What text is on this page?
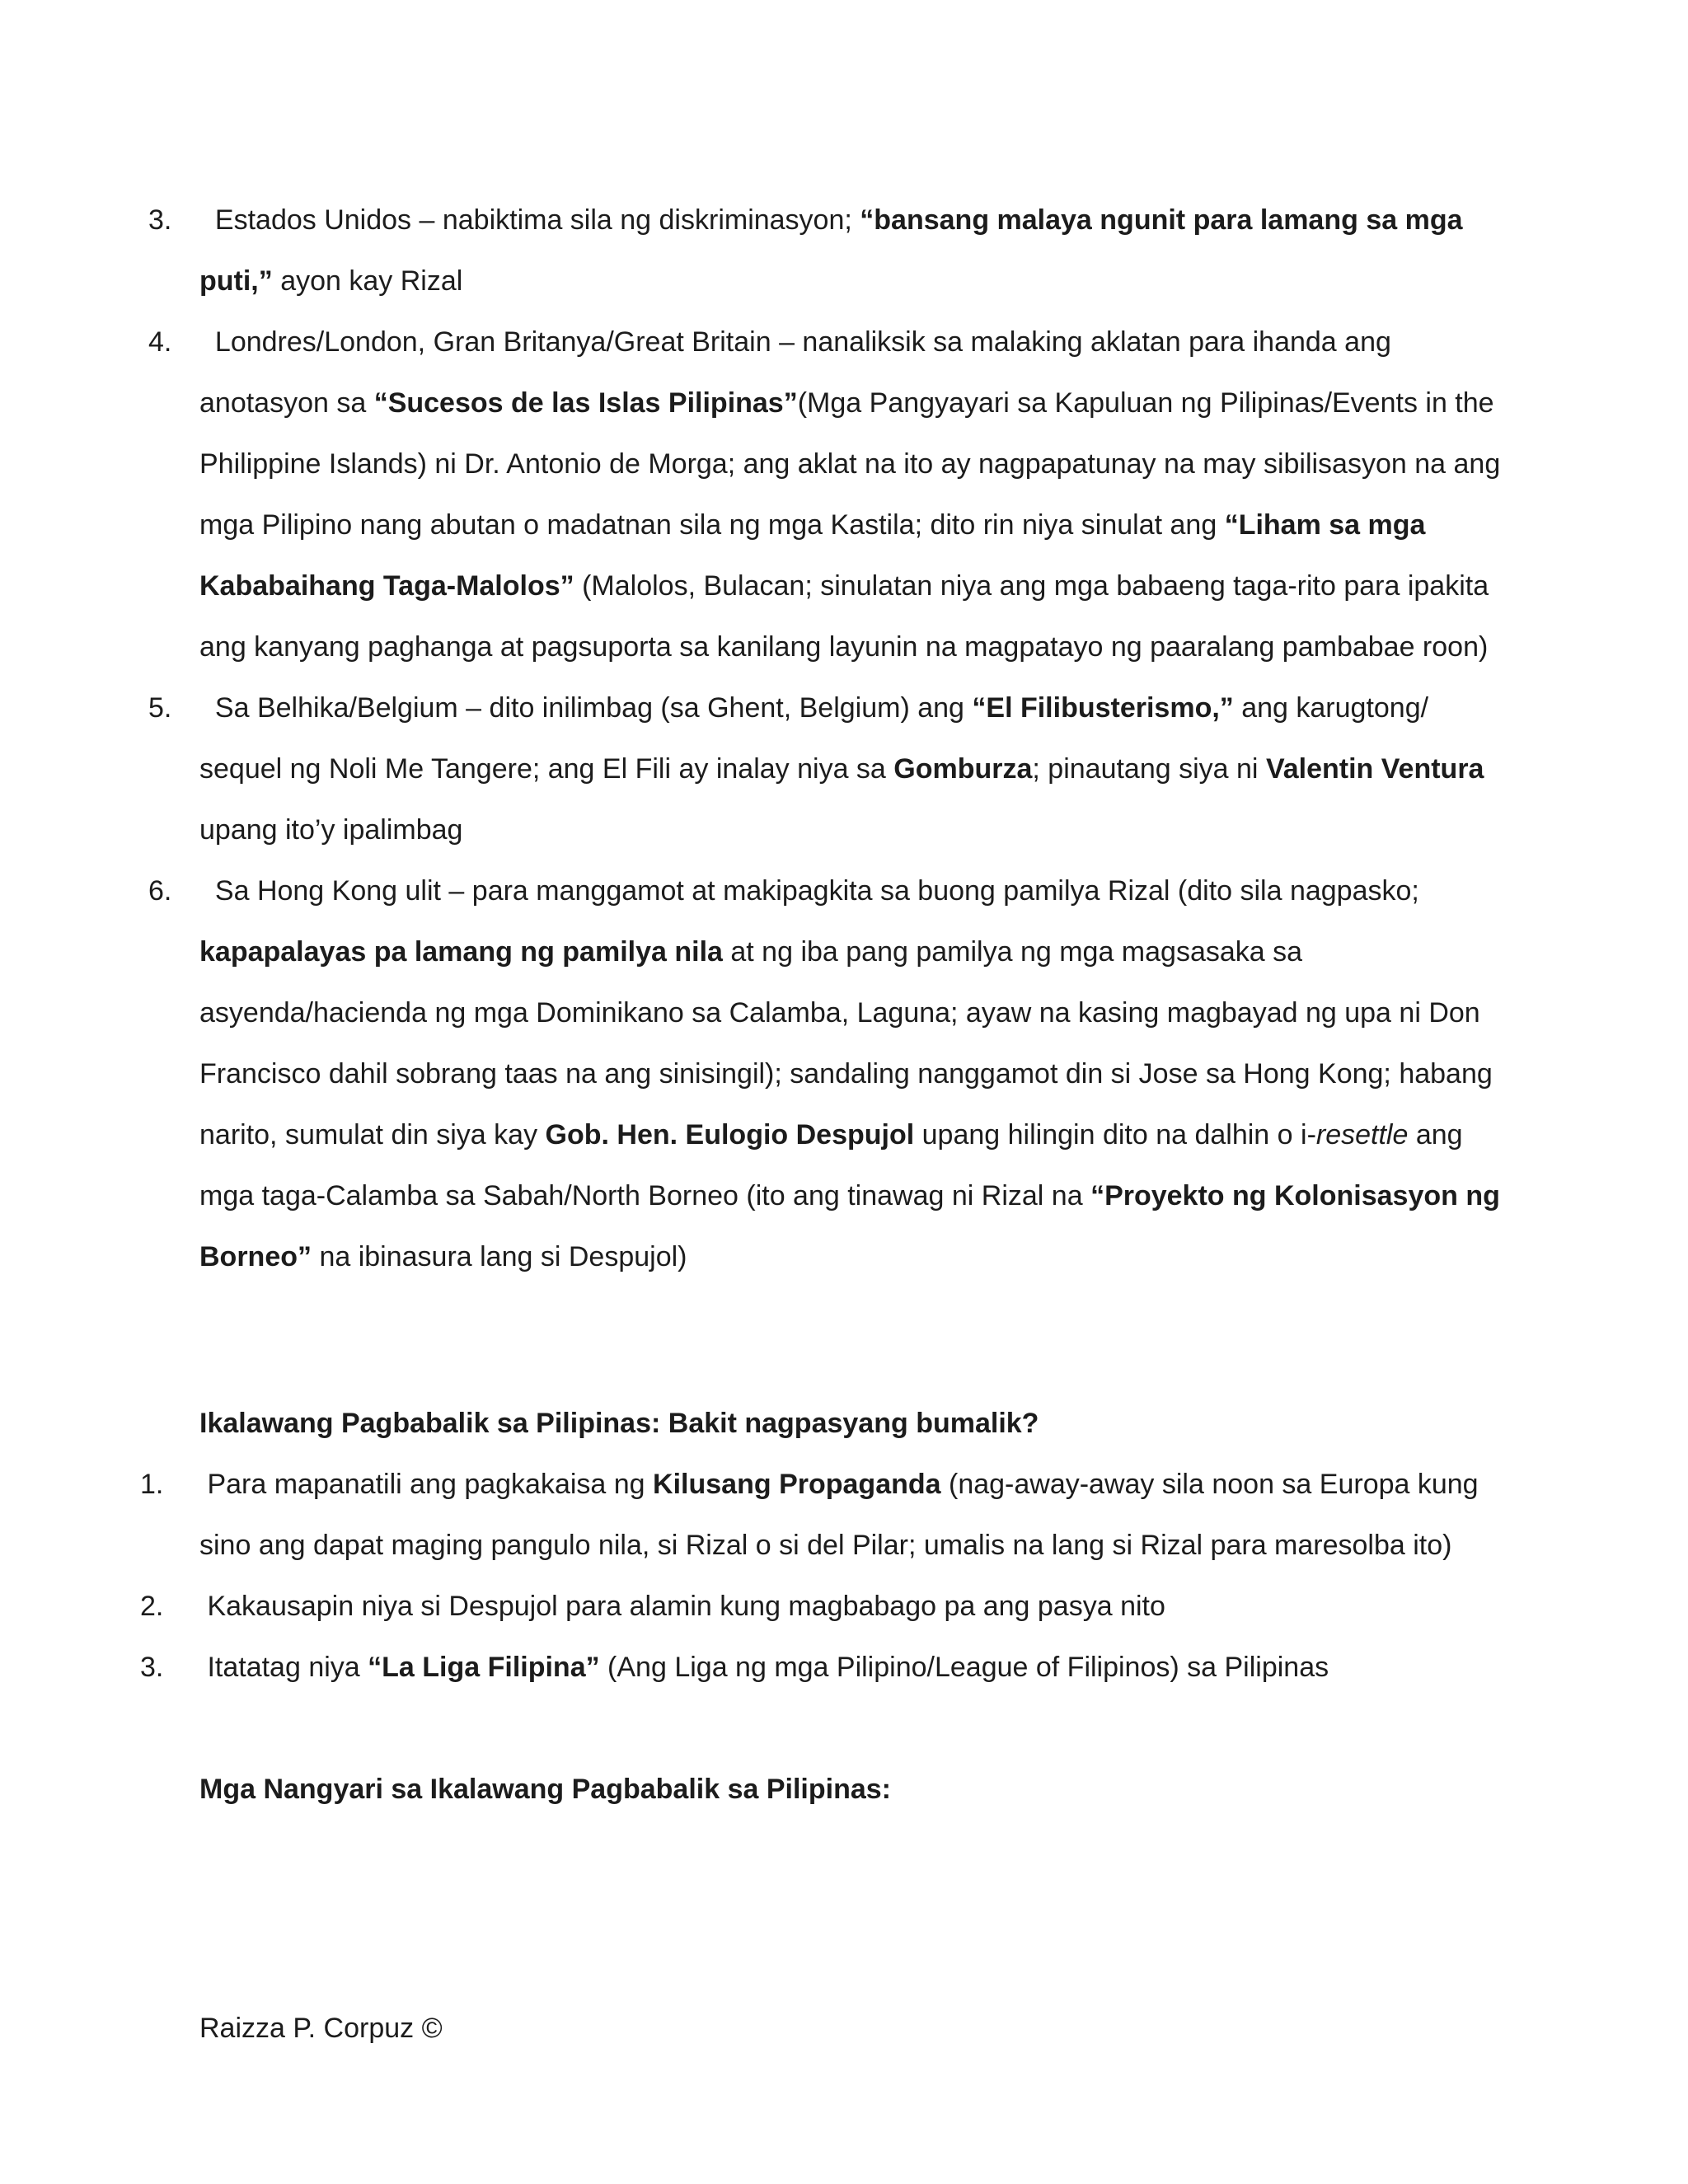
3.	Estados Unidos – nabiktima sila ng diskriminasyon; “bansang malaya ngunit para lamang sa mga puti,” ayon kay Rizal
4.	Londres/London, Gran Britanya/Great Britain – nanaliksik sa malaking aklatan para ihanda ang anotasyon sa “Sucesos de las Islas Pilipinas”(Mga Pangyayari sa Kapuluan ng Pilipinas/Events in the Philippine Islands) ni Dr. Antonio de Morga; ang aklat na ito ay nagpapatunay na may sibilisasyon na ang mga Pilipino nang abutan o madatnan sila ng mga Kastila; dito rin niya sinulat ang “Liham sa mga Kababaihang Taga-Malolos” (Malolos, Bulacan; sinulatan niya ang mga babaeng taga-rito para ipakita ang kanyang paghanga at pagsuporta sa kanilang layunin na magpatayo ng paaralang pambabae roon)
5.	Sa Belhika/Belgium – dito inilimbag (sa Ghent, Belgium) ang “El Filibusterismo,” ang karugtong/ sequel ng Noli Me Tangere; ang El Fili ay inalay niya sa Gomburza; pinautang siya ni Valentin Ventura upang ito’y ipalimbag
6.	Sa Hong Kong ulit – para manggamot at makipagkita sa buong pamilya Rizal (dito sila nagpasko; kapapalayas pa lamang ng pamilya nila at ng iba pang pamilya ng mga magsasaka sa asyenda/hacienda ng mga Dominikano sa Calamba, Laguna; ayaw na kasing magbayad ng upa ni Don Francisco dahil sobrang taas na ang sinisingil); sandaling nanggamot din si Jose sa Hong Kong; habang narito, sumulat din siya kay Gob. Hen. Eulogio Despujol upang hilingin dito na dalhin o i-resettle ang mga taga-Calamba sa Sabah/North Borneo (ito ang tinawag ni Rizal na “Proyekto ng Kolonisasyon ng Borneo” na ibinasura lang si Despujol)
Ikalawang Pagbabalik sa Pilipinas: Bakit nagpasyang bumalik?
1. Para mapanatili ang pagkakaisa ng Kilusang Propaganda (nag-away-away sila noon sa Europa kung sino ang dapat maging pangulo nila, si Rizal o si del Pilar; umalis na lang si Rizal para maresolba ito)
2. Kakausapin niya si Despujol para alamin kung magbabago pa ang pasya nito
3. Itatatag niya “La Liga Filipina” (Ang Liga ng mga Pilipino/League of Filipinos) sa Pilipinas
Mga Nangyari sa Ikalawang Pagbabalik sa Pilipinas:
Raizza P. Corpuz ©
